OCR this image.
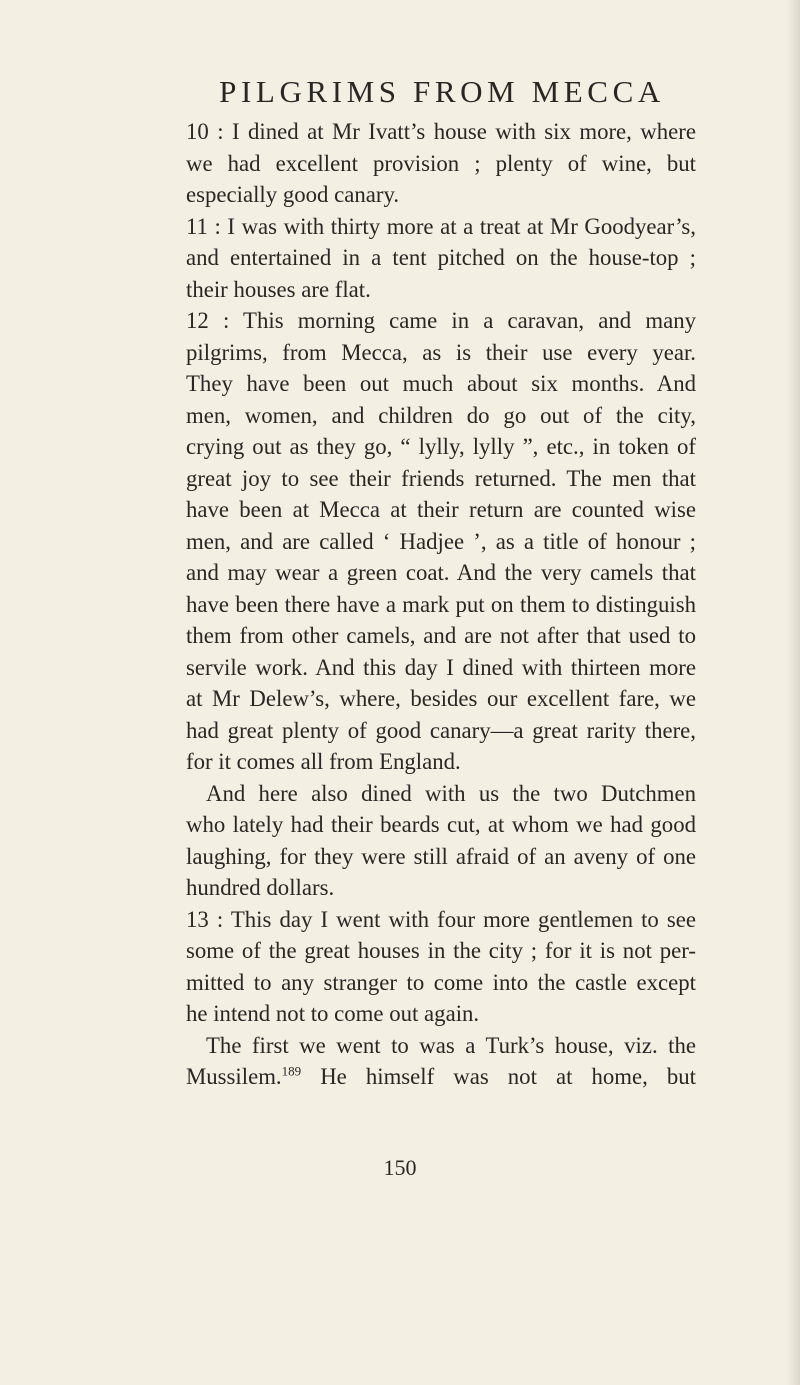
PILGRIMS FROM MECCA
10 : I dined at Mr Ivatt’s house with six more, where
we had excellent provision ; plenty of wine, but
especially good canary.
11 : I was with thirty more at a treat at Mr Goodyear’s,
and entertained in a tent pitched on the house-top ;
their houses are flat.
12 : This morning came in a caravan, and many
pilgrims, from Mecca, as is their use every year.
They have been out much about six months. And
men, women, and children do go out of the city,
crying out as they go, “ lylly, lylly ”, etc., in token of
great joy to see their friends returned. The men that
have been at Mecca at their return are counted wise
men, and are called ‘ Hadjee ’, as a title of honour ;
and may wear a green coat. And the very camels that
have been there have a mark put on them to distinguish
them from other camels, and are not after that used to
servile work. And this day I dined with thirteen more
at Mr Delew’s, where, besides our excellent fare, we
had great plenty of good canary—a great rarity there,
for it comes all from England.
And here also dined with us the two Dutchmen
who lately had their beards cut, at whom we had good
laughing, for they were still afraid of an aveny of one
hundred dollars.
13 : This day I went with four more gentlemen to see
some of the great houses in the city ; for it is not per-
mitted to any stranger to come into the castle except
he intend not to come out again.
The first we went to was a Turk’s house, viz. the
Mussilem.$^{189}$ He himself was not at home, but
150
